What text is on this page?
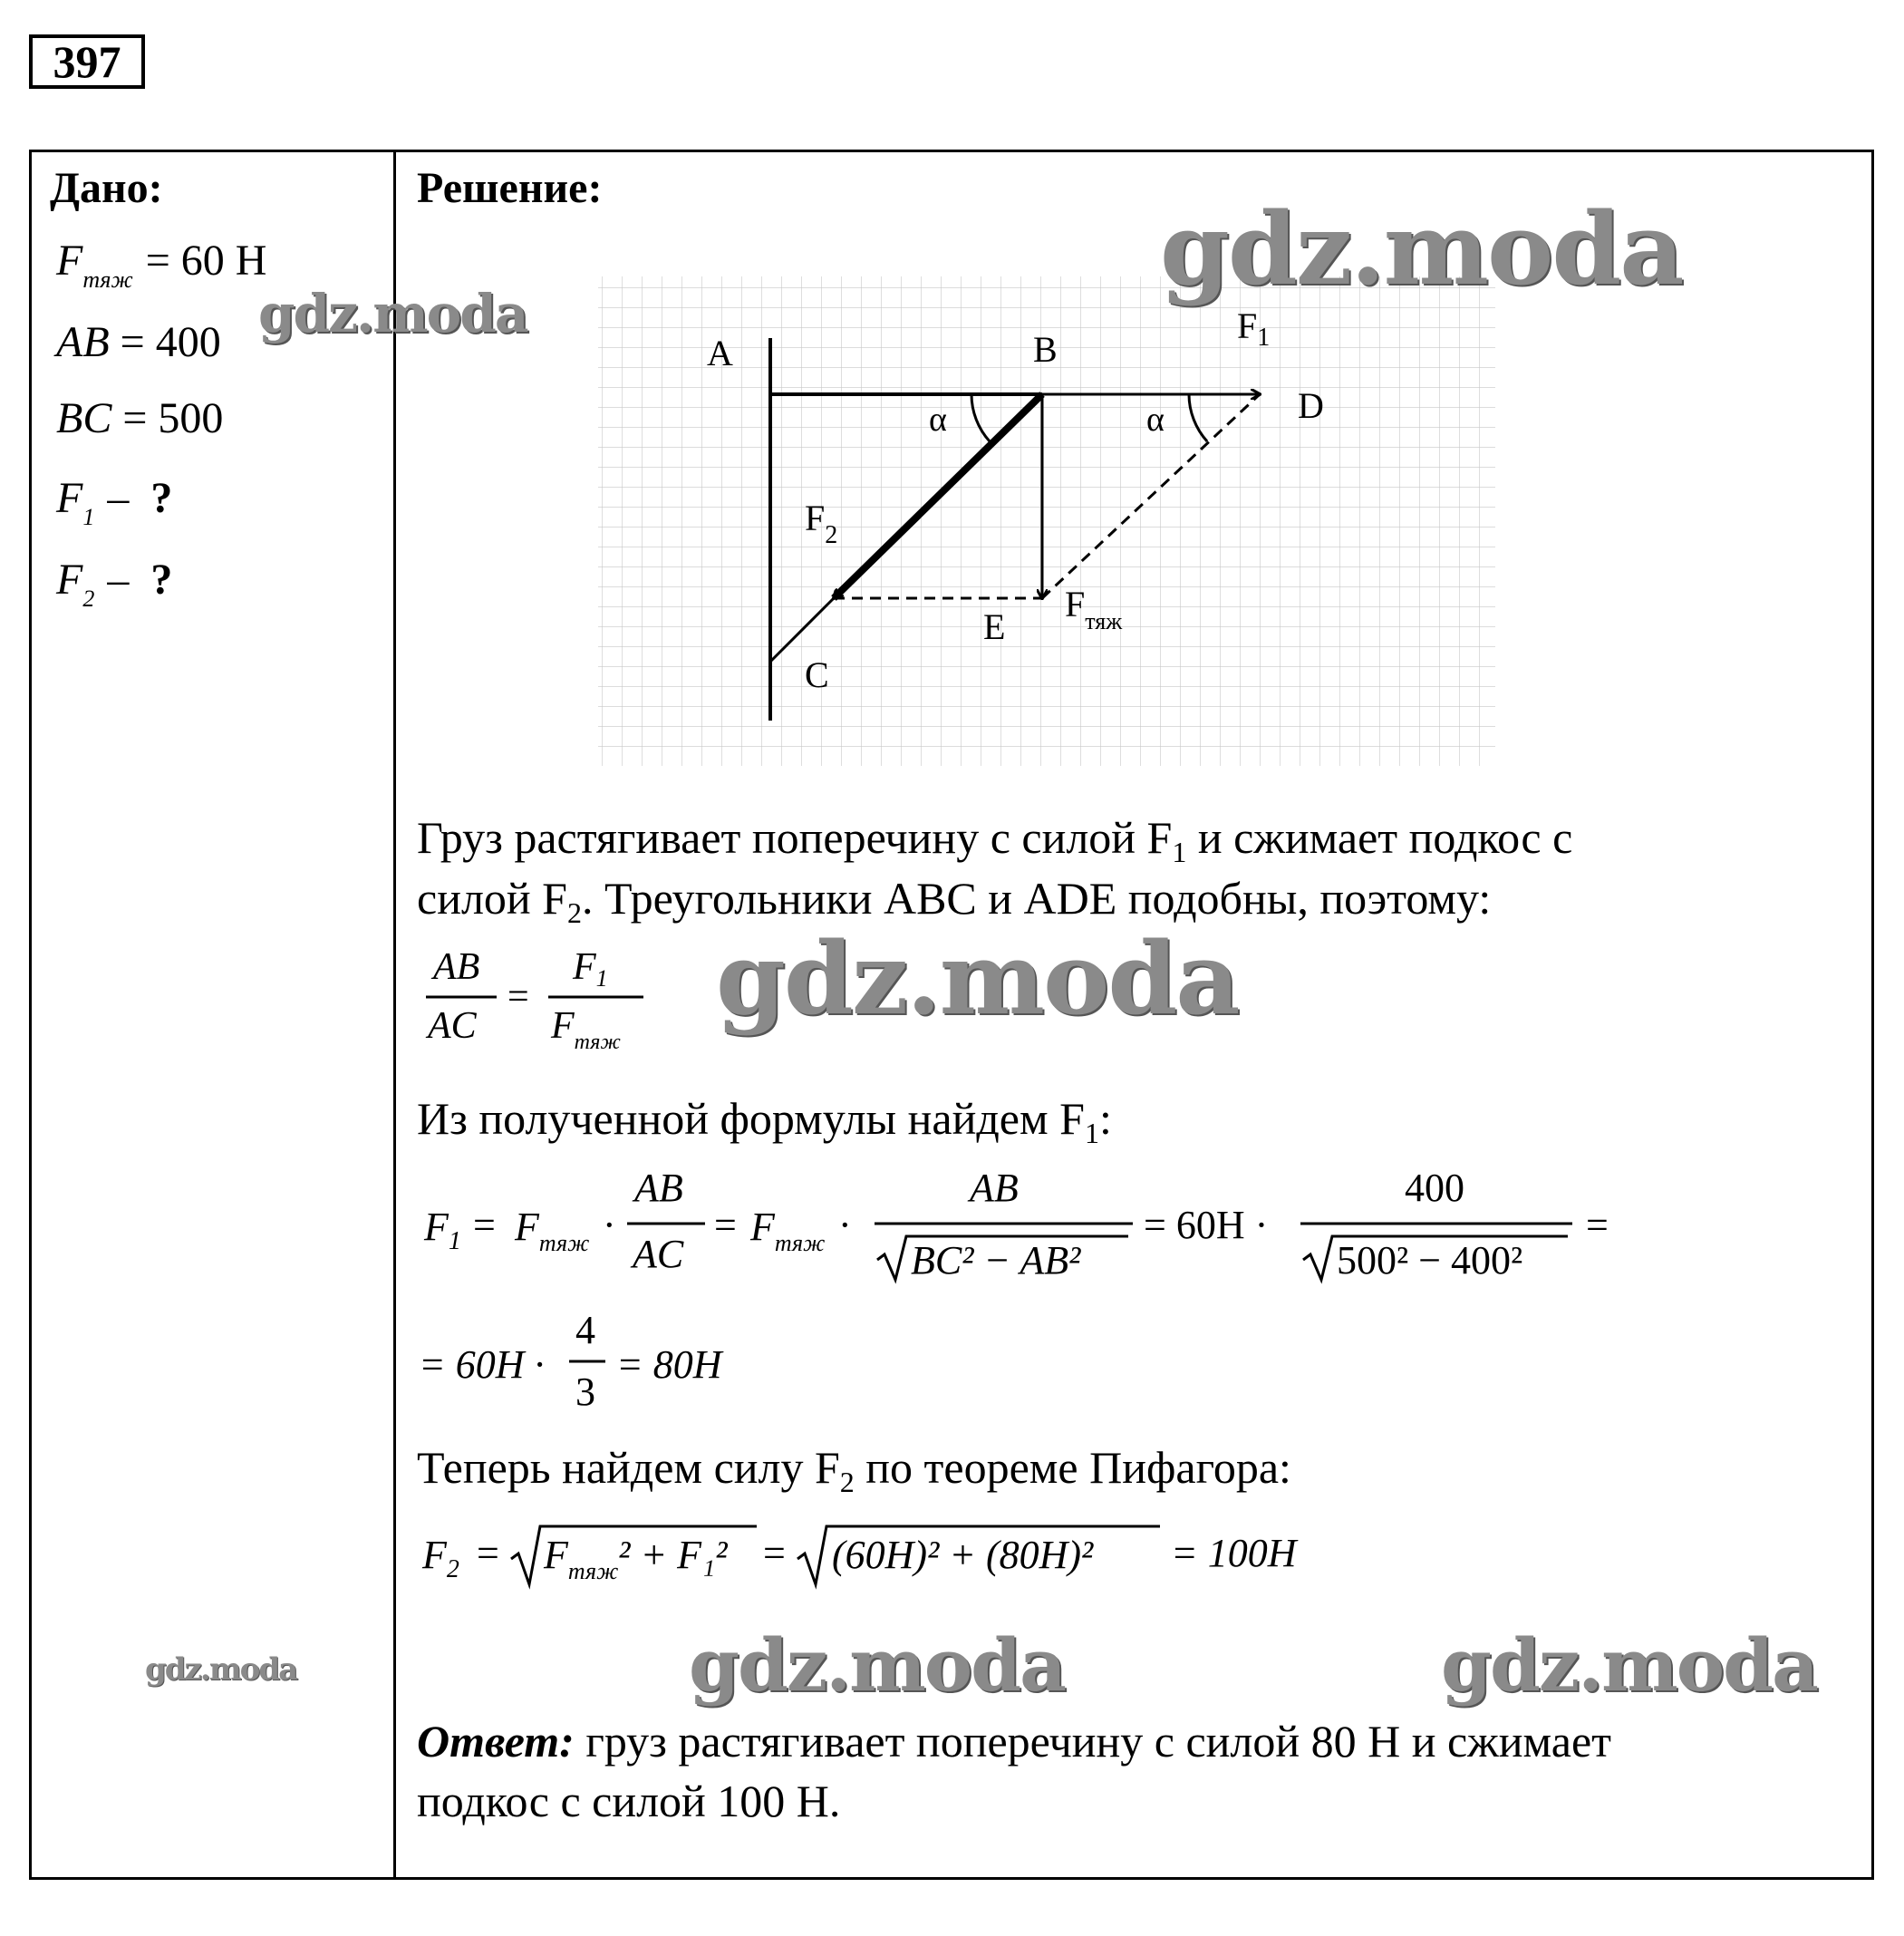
397
Дано:
$F_{тяж} = 60$ Н
AB = 400
BC = 500
$F_1$ – ?
$F_2$ – ?
Решение:
A	B
D
E
C
α	α
$F_1$
$F_2$
$F_{тяж}$
Груз растягивает поперечину с силой $F_1$ и сжимает подкос с
силой $F_2$. Треугольники ABC и ADE подобны, поэтому:
AB
AC
=
F1
$F_{тяж}$
Из полученной формулы найдем $F_1$:
$F_1 = F_{тяж}$ ·
AB
AC
= $F_{тяж}$ ·
AB
BC² − AB²
= 60H ·
400
500² − 400²
=
= 60H ·
4
3
= 80H
Теперь найдем силу $F_2$ по теореме Пифагора:
$F_2 = F_{тяж}^2 + F_1^2 = (60H)^2 + (80H)^2 = 100H$
Ответ: груз растягивает поперечину с силой 80 Н и сжимает
подкос с силой 100 Н.
gdz.moda
gdz.moda
gdz.moda
gdz.moda	gdz.moda	gdz.moda
